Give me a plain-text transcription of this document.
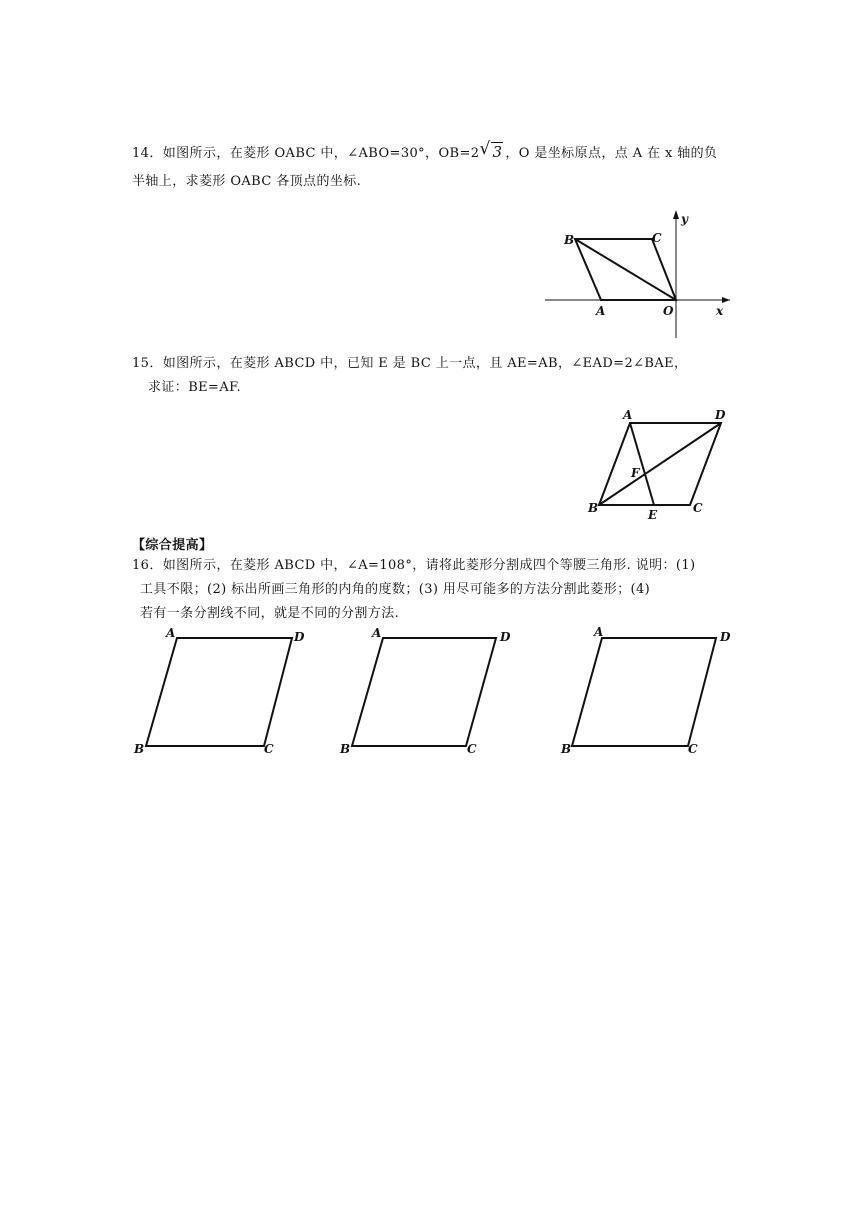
14．如图所示，在菱形 OABC 中，∠ABO=30°，OB=2 √ 3 ，O 是坐标原点，点 A 在 x 轴的负
半轴上，求菱形 OABC 各顶点的坐标.
B	C
A	O	x
y
A	D
F
B	E	C
A	D
B	C
A	D
B	C
A	D
B	C
15．如图所示，在菱形 ABCD 中，已知 E 是 BC 上一点，且 AE=AB，∠EAD=2∠BAE，
求证：BE=AF.
【综合提高】
16．如图所示，在菱形 ABCD 中，∠A=108°，请将此菱形分割成四个等腰三角形. 说明：(1)
工具不限；(2) 标出所画三角形的内角的度数；(3) 用尽可能多的方法分割此菱形；(4)
若有一条分割线不同，就是不同的分割方法.
